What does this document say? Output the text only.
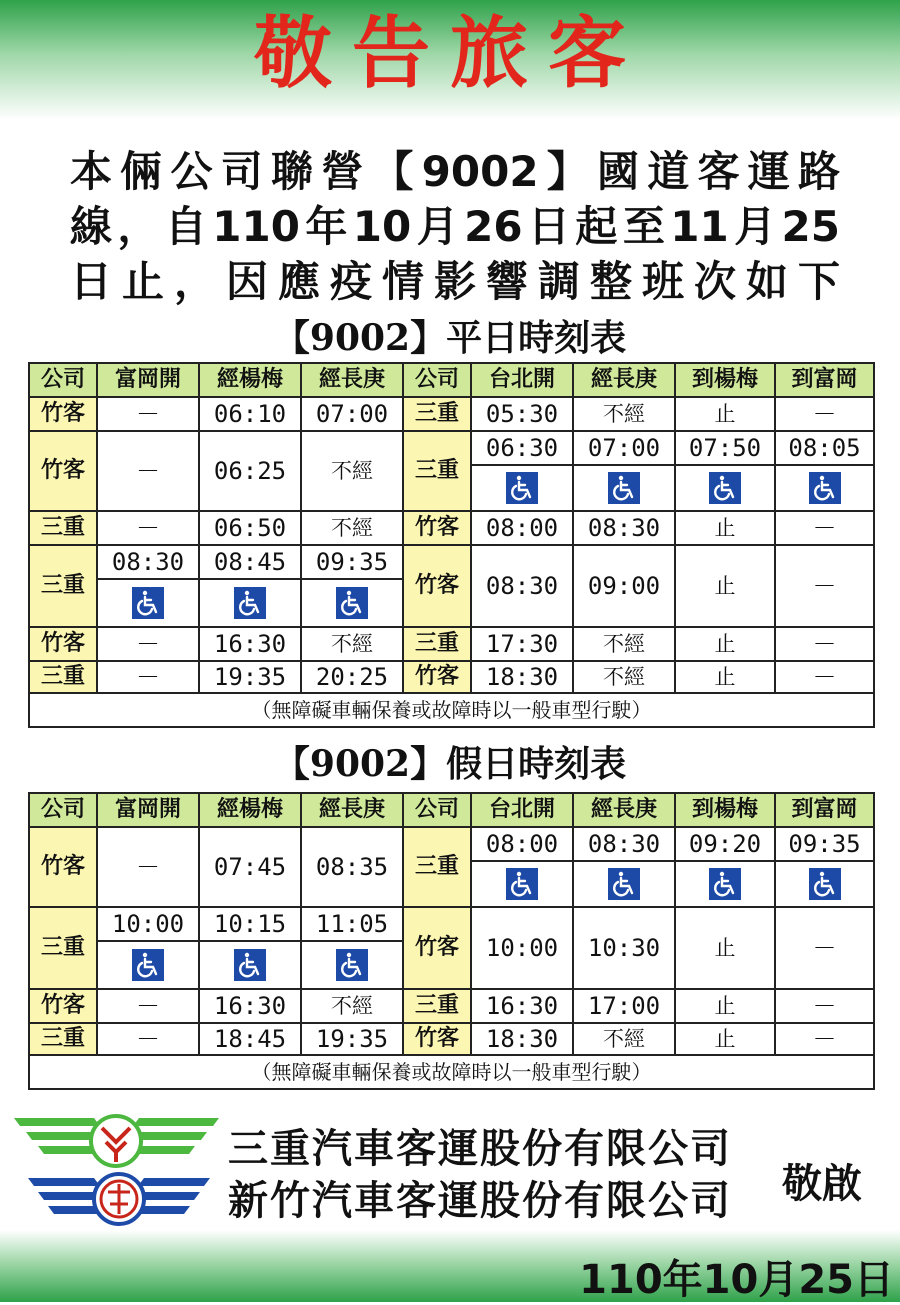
敬告旅客
本倆公司聯營【9002】國道客運路
線，自110年10月26日起至11月25
日止，因應疫情影響調整班次如下
【9002】平日時刻表
公司	富岡開	經楊梅	經長庚	公司	台北開	經長庚	到楊梅	到富岡
竹客	－	06:10	07:00	三重	05:30	不經	止	－
竹客	－	06:25	不經	三重	06:30	07:00	07:50	08:05

三重	－	06:50	不經	竹客	08:00	08:30	止	－
三重	08:30	08:45	09:35	竹客	08:30	09:00	止	－
竹客	－	16:30	不經	三重	17:30	不經	止	－
三重	－	19:35	20:25	竹客	18:30	不經	止	－
（無障礙車輛保養或故障時以一般車型行駛）								
【9002】假日時刻表
公司	富岡開	經楊梅	經長庚	公司	台北開	經長庚	到楊梅	到富岡
竹客	－	07:45	08:35	三重	08:00	08:30	09:20	09:35

三重	10:00	10:15	11:05	竹客	10:00	10:30	止	－
竹客	－	16:30	不經	三重	16:30	17:00	止	－
三重	－	18:45	19:35	竹客	18:30	不經	止	－
（無障礙車輛保養或故障時以一般車型行駛）								
三重汽車客運股份有限公司
新竹汽車客運股份有限公司 敬啟
110年10月25日
